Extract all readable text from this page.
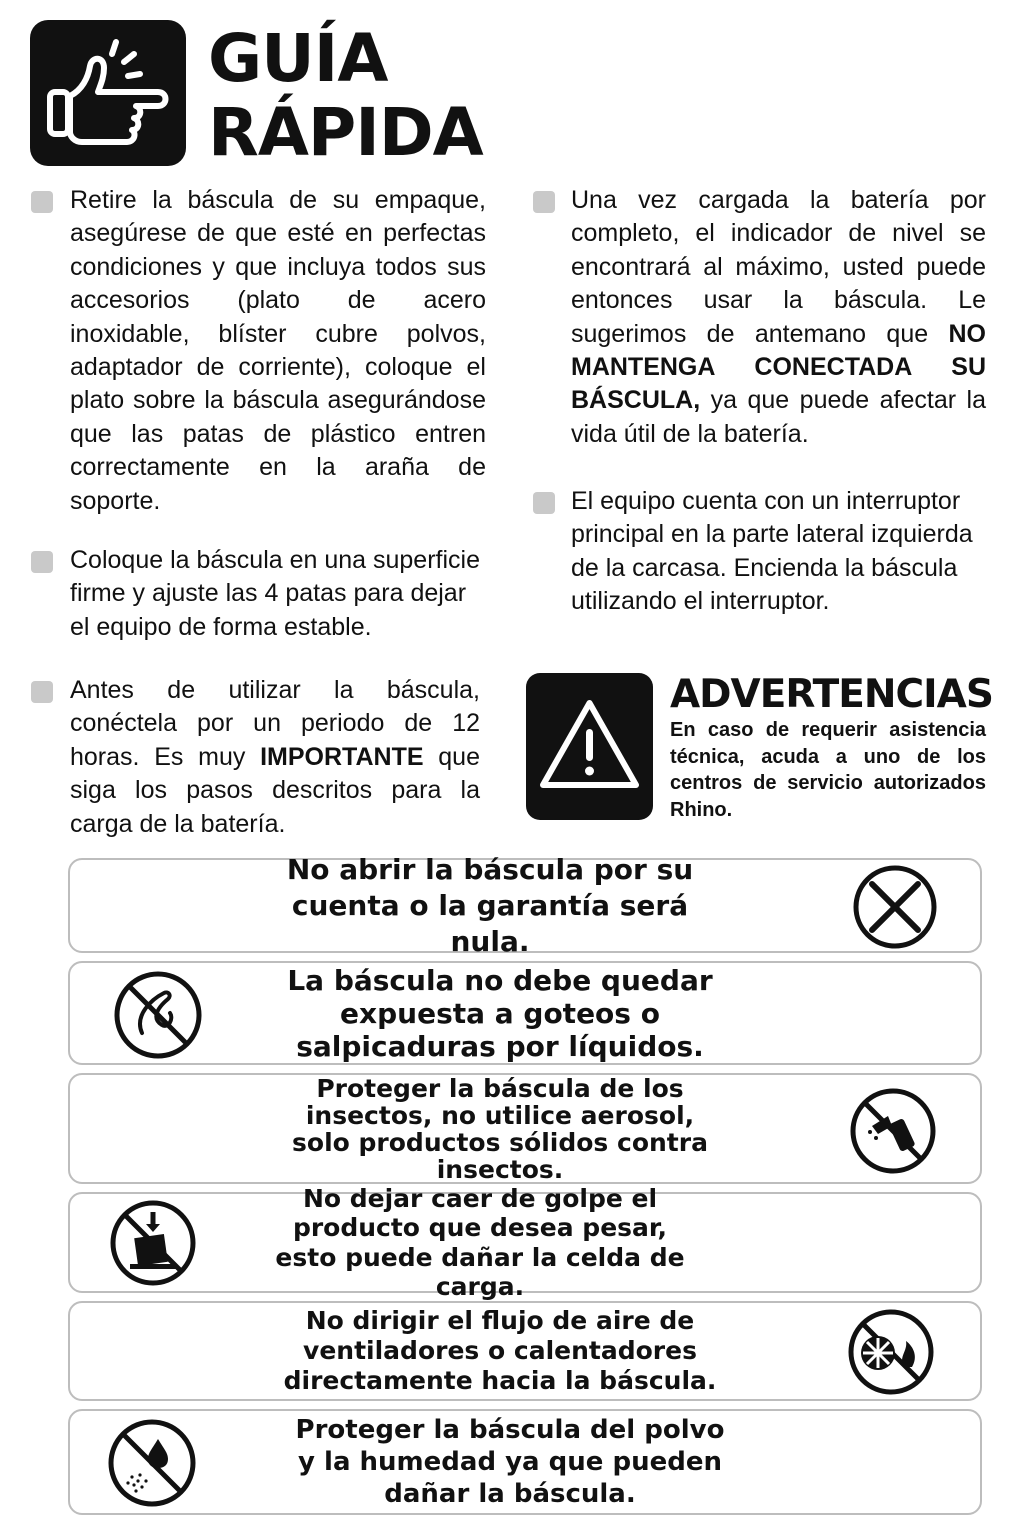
GUÍA
RÁPIDA
Retire la báscula de su empaque, asegúrese de que esté en perfectas condiciones y que incluya todos sus accesorios (plato de acero inoxidable, blíster cubre polvos, adaptador de corriente), coloque el plato sobre la báscula asegurándose que las patas de plástico entren correctamente en la araña de soporte.
Coloque la báscula en una superficie firme y ajuste las 4 patas para dejar el equipo de forma estable.
Antes de utilizar la báscula, conéctela por un periodo de 12 horas. Es muy IMPORTANTE que siga los pasos descritos para la carga de la batería.
Una vez cargada la batería por completo, el indicador de nivel se encontrará al máximo, usted puede entonces usar la báscula. Le sugerimos de antemano que NO MANTENGA CONECTADA SU BÁSCULA, ya que puede afectar la vida útil de la batería.
El equipo cuenta con un interruptor principal en la parte lateral izquierda de la carcasa. Encienda la báscula utilizando el interruptor.
ADVERTENCIAS
En caso de requerir asistencia técnica, acuda a uno de los centros de servicio autorizados Rhino.
No abrir la báscula por su cuenta o la garantía será nula.
La báscula no debe quedar expuesta a goteos o salpicaduras por líquidos.
Proteger la báscula de los insectos, no utilice aerosol, solo productos sólidos contra insectos.
No dejar caer de golpe el producto que desea pesar, esto puede dañar la celda de carga.
No dirigir el flujo de aire de ventiladores o calentadores directamente hacia la báscula.
Proteger la báscula del polvo y la humedad ya que pueden dañar la báscula.
